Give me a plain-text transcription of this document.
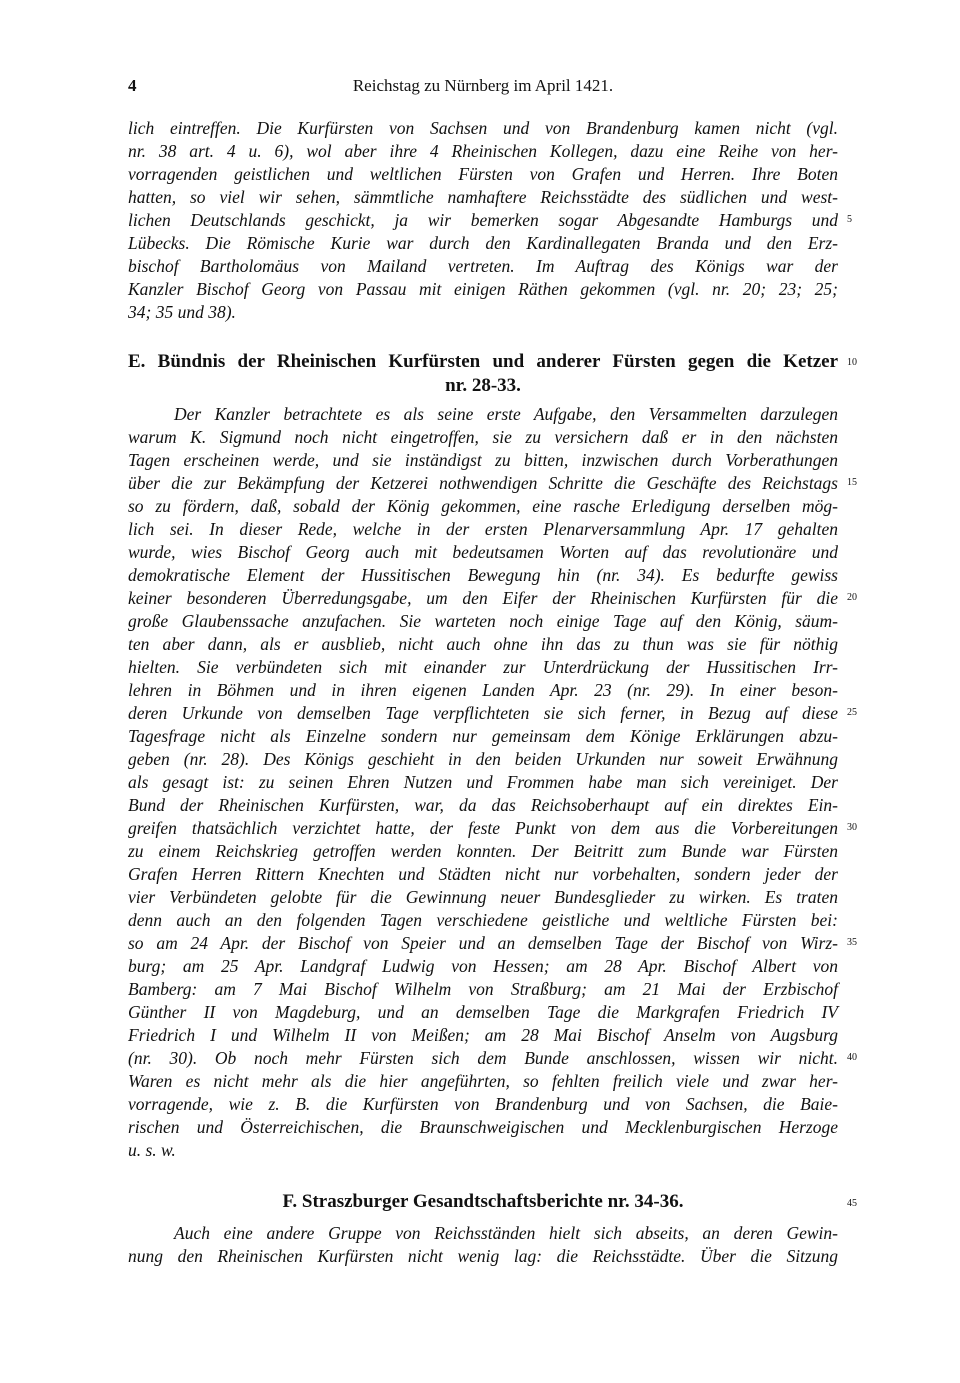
4	Reichstag zu Nürnberg im April 1421.
lich eintreffen. Die Kurfürsten von Sachsen und von Brandenburg kamen nicht (vgl.
nr. 38 art. 4 u. 6), wol aber ihre 4 Rheinischen Kollegen, dazu eine Reihe von her-
vorragenden geistlichen und weltlichen Fürsten von Grafen und Herren. Ihre Boten
hatten, so viel wir sehen, sämmtliche namhaftere Reichsstädte des südlichen und west-
lichen Deutschlands geschickt, ja wir bemerken sogar Abgesandte Hamburgs und
Lübecks. Die Römische Kurie war durch den Kardinallegaten Branda und den Erz-
bischof Bartholomäus von Mailand vertreten. Im Auftrag des Königs war der
Kanzler Bischof Georg von Passau mit einigen Räthen gekommen (vgl. nr. 20; 23; 25;
34; 35 und 38).
E. Bündnis der Rheinischen Kurfürsten und anderer Fürsten gegen die Ketzer
nr. 28-33.
Der Kanzler betrachtete es als seine erste Aufgabe, den Versammelten darzulegen
warum K. Sigmund noch nicht eingetroffen, sie zu versichern daß er in den nächsten
Tagen erscheinen werde, und sie inständigst zu bitten, inzwischen durch Vorberathungen
über die zur Bekämpfung der Ketzerei nothwendigen Schritte die Geschäfte des Reichstags
so zu fördern, daß, sobald der König gekommen, eine rasche Erledigung derselben mög-
lich sei. In dieser Rede, welche in der ersten Plenarversammlung Apr. 17 gehalten
wurde, wies Bischof Georg auch mit bedeutsamen Worten auf das revolutionäre und
demokratische Element der Hussitischen Bewegung hin (nr. 34). Es bedurfte gewiss
keiner besonderen Überredungsgabe, um den Eifer der Rheinischen Kurfürsten für die
große Glaubenssache anzufachen. Sie warteten noch einige Tage auf den König, säum-
ten aber dann, als er ausblieb, nicht auch ohne ihn das zu thun was sie für nöthig
hielten. Sie verbündeten sich mit einander zur Unterdrückung der Hussitischen Irr-
lehren in Böhmen und in ihren eigenen Landen Apr. 23 (nr. 29). In einer beson-
deren Urkunde von demselben Tage verpflichteten sie sich ferner, in Bezug auf diese
Tagesfrage nicht als Einzelne sondern nur gemeinsam dem Könige Erklärungen abzu-
geben (nr. 28). Des Königs geschieht in den beiden Urkunden nur soweit Erwähnung
als gesagt ist: zu seinen Ehren Nutzen und Frommen habe man sich vereiniget. Der
Bund der Rheinischen Kurfürsten, war, da das Reichsoberhaupt auf ein direktes Ein-
greifen thatsächlich verzichtet hatte, der feste Punkt von dem aus die Vorbereitungen
zu einem Reichskrieg getroffen werden konnten. Der Beitritt zum Bunde war Fürsten
Grafen Herren Rittern Knechten und Städten nicht nur vorbehalten, sondern jeder der
vier Verbündeten gelobte für die Gewinnung neuer Bundesglieder zu wirken. Es traten
denn auch an den folgenden Tagen verschiedene geistliche und weltliche Fürsten bei:
so am 24 Apr. der Bischof von Speier und an demselben Tage der Bischof von Wirz-
burg; am 25 Apr. Landgraf Ludwig von Hessen; am 28 Apr. Bischof Albert von
Bamberg: am 7 Mai Bischof Wilhelm von Straßburg; am 21 Mai der Erzbischof
Günther II von Magdeburg, und an demselben Tage die Markgrafen Friedrich IV
Friedrich I und Wilhelm II von Meißen; am 28 Mai Bischof Anselm von Augsburg
(nr. 30). Ob noch mehr Fürsten sich dem Bunde anschlossen, wissen wir nicht.
Waren es nicht mehr als die hier angeführten, so fehlten freilich viele und zwar her-
vorragende, wie z. B. die Kurfürsten von Brandenburg und von Sachsen, die Baie-
rischen und Österreichischen, die Braunschweigischen und Mecklenburgischen Herzoge
u. s. w.
F. Straszburger Gesandtschaftsberichte nr. 34-36.
Auch eine andere Gruppe von Reichsständen hielt sich abseits, an deren Gewin-
nung den Rheinischen Kurfürsten nicht wenig lag: die Reichsstädte. Über die Sitzung
5
10
15
20
25
30
35
40
45
